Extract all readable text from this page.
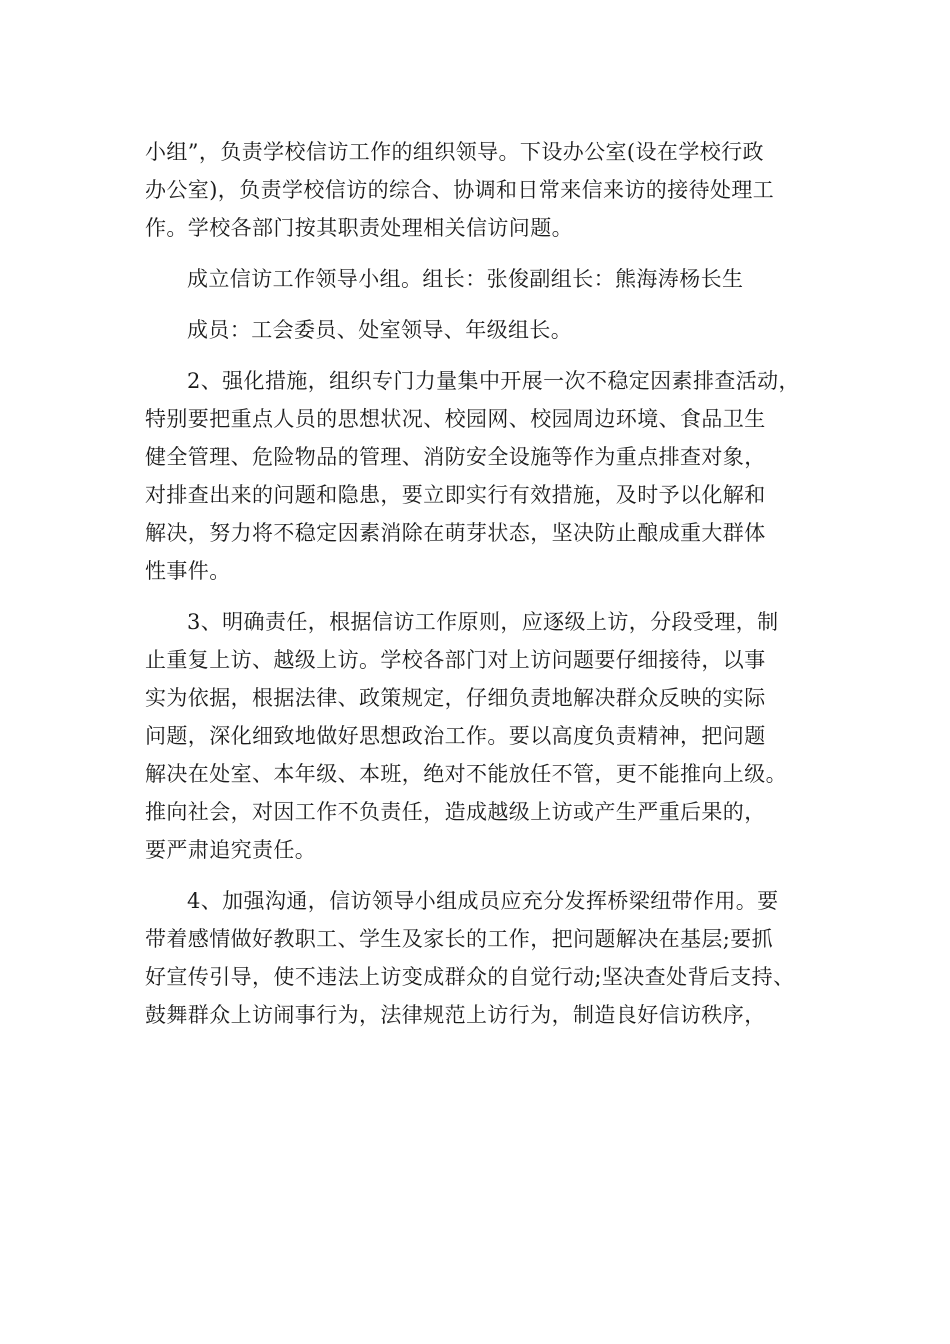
小组”，负责学校信访工作的组织领导。下设办公室(设在学校行政
办公室)，负责学校信访的综合、协调和日常来信来访的接待处理工
作。学校各部门按其职责处理相关信访问题。
成立信访工作领导小组。组长：张俊副组长：熊海涛杨长生
成员：工会委员、处室领导、年级组长。
2、强化措施，组织专门力量集中开展一次不稳定因素排查活动，
特别要把重点人员的思想状况、校园网、校园周边环境、食品卫生
健全管理、危险物品的管理、消防安全设施等作为重点排查对象，
对排查出来的问题和隐患，要立即实行有效措施，及时予以化解和
解决，努力将不稳定因素消除在萌芽状态，坚决防止酿成重大群体
性事件。
3、明确责任，根据信访工作原则，应逐级上访，分段受理，制
止重复上访、越级上访。学校各部门对上访问题要仔细接待，以事
实为依据，根据法律、政策规定，仔细负责地解决群众反映的实际
问题，深化细致地做好思想政治工作。要以高度负责精神，把问题
解决在处室、本年级、本班，绝对不能放任不管，更不能推向上级。
推向社会，对因工作不负责任，造成越级上访或产生严重后果的，
要严肃追究责任。
4、加强沟通，信访领导小组成员应充分发挥桥梁纽带作用。要
带着感情做好教职工、学生及家长的工作，把问题解决在基层;要抓
好宣传引导，使不违法上访变成群众的自觉行动;坚决查处背后支持、
鼓舞群众上访闹事行为，法律规范上访行为，制造良好信访秩序，
